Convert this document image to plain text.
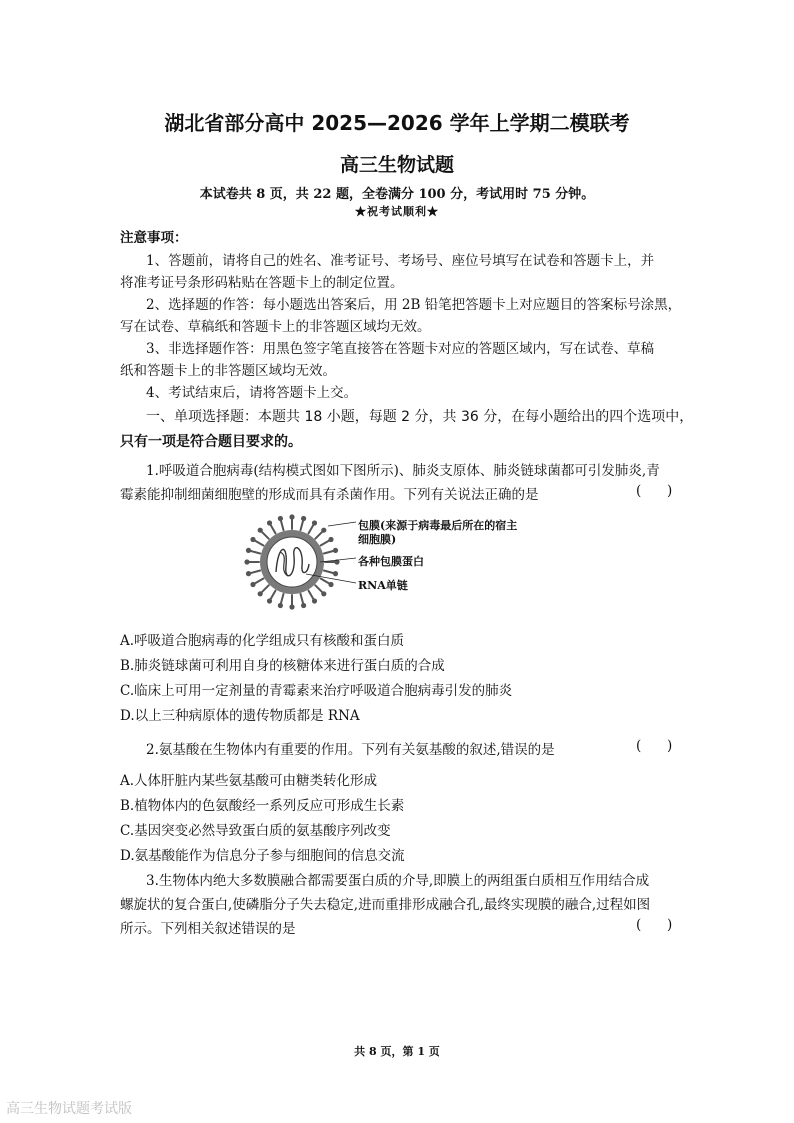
湖北省部分高中 2025—2026 学年上学期二模联考
高三生物试题
本试卷共 8 页，共 22 题，全卷满分 100 分，考试用时 75 分钟。
★祝考试顺利★
注意事项：
1、答题前，请将自己的姓名、准考证号、考场号、座位号填写在试卷和答题卡上，并
将准考证号条形码粘贴在答题卡上的制定位置。
2、选择题的作答：每小题选出答案后，用 2B 铅笔把答题卡上对应题目的答案标号涂黑，
写在试卷、草稿纸和答题卡上的非答题区域均无效。
3、非选择题作答：用黑色签字笔直接答在答题卡对应的答题区域内，写在试卷、草稿
纸和答题卡上的非答题区域均无效。
4、考试结束后，请将答题卡上交。
一、单项选择题：本题共 18 小题，每题 2 分，共 36 分，在每小题给出的四个选项中，
只有一项是符合题目要求的。
1.呼吸道合胞病毒(结构模式图如下图所示)、肺炎支原体、肺炎链球菌都可引发肺炎,青
霉素能抑制细菌细胞壁的形成而具有杀菌作用。下列有关说法正确的是	(      )
包膜(来源于病毒最后所在的宿主
细胞膜)
各种包膜蛋白
RNA单链
A.呼吸道合胞病毒的化学组成只有核酸和蛋白质
B.肺炎链球菌可利用自身的核糖体来进行蛋白质的合成
C.临床上可用一定剂量的青霉素来治疗呼吸道合胞病毒引发的肺炎
D.以上三种病原体的遗传物质都是 RNA
2.氨基酸在生物体内有重要的作用。下列有关氨基酸的叙述,错误的是	(      )
A.人体肝脏内某些氨基酸可由糖类转化形成
B.植物体内的色氨酸经一系列反应可形成生长素
C.基因突变必然导致蛋白质的氨基酸序列改变
D.氨基酸能作为信息分子参与细胞间的信息交流
3.生物体内绝大多数膜融合都需要蛋白质的介导,即膜上的两组蛋白质相互作用结合成
螺旋状的复合蛋白,使磷脂分子失去稳定,进而重排形成融合孔,最终实现膜的融合,过程如图
所示。下列相关叙述错误的是	(      )
共 8 页，第 1 页
高三生物试题考试版
